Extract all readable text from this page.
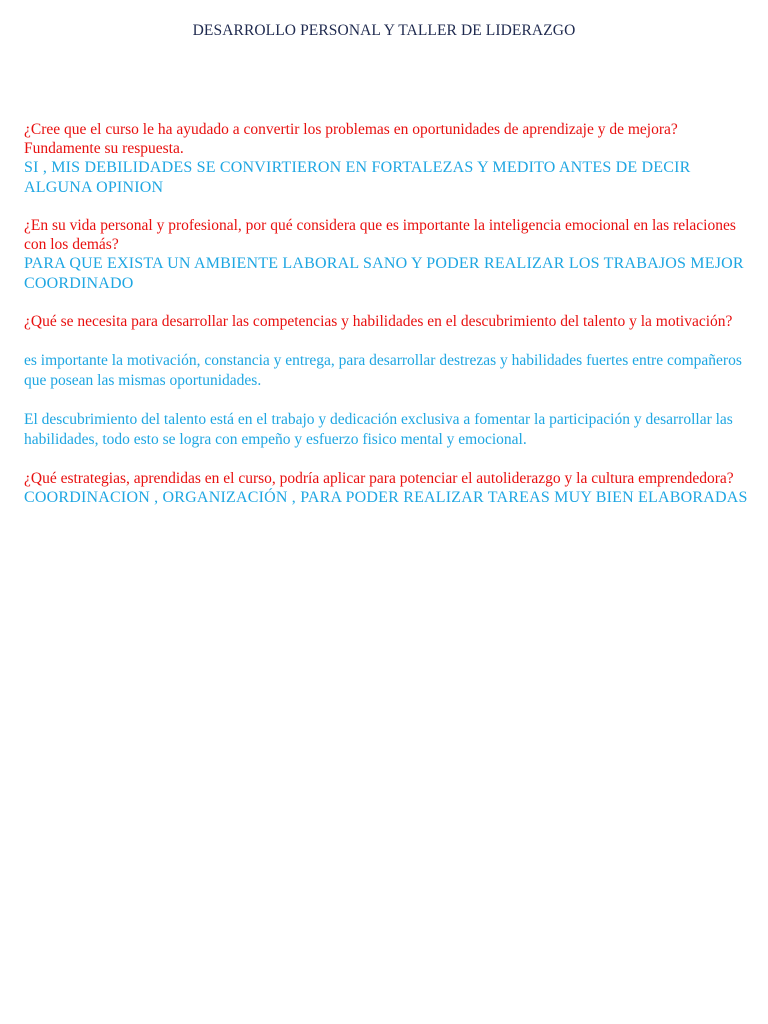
DESARROLLO PERSONAL Y TALLER DE LIDERAZGO

¿Cree que el curso le ha ayudado a convertir los problemas en oportunidades de aprendizaje y de mejora? Fundamente su respuesta.

SI , MIS DEBILIDADES SE CONVIRTIERON EN FORTALEZAS Y MEDITO ANTES DE DECIR ALGUNA OPINION

¿En su vida personal y profesional, por qué considera que es importante la inteligencia emocional en las relaciones con los demás?

PARA QUE EXISTA UN AMBIENTE LABORAL SANO Y PODER REALIZAR LOS TRABAJOS MEJOR COORDINADO

¿Qué se necesita para desarrollar las competencias y habilidades en el descubrimiento del talento y la motivación?

es importante la motivación, constancia y entrega, para desarrollar destrezas y habilidades fuertes entre compañeros que posean las mismas oportunidades.

El descubrimiento del talento está en el trabajo y dedicación exclusiva a fomentar la participación y desarrollar las habilidades, todo esto se logra con empeño y esfuerzo fisico mental y emocional.

¿Qué estrategias, aprendidas en el curso, podría aplicar para potenciar el autoliderazgo y la cultura emprendedora?

COORDINACION , ORGANIZACIÓN , PARA PODER REALIZAR TAREAS MUY BIEN ELABORADAS
